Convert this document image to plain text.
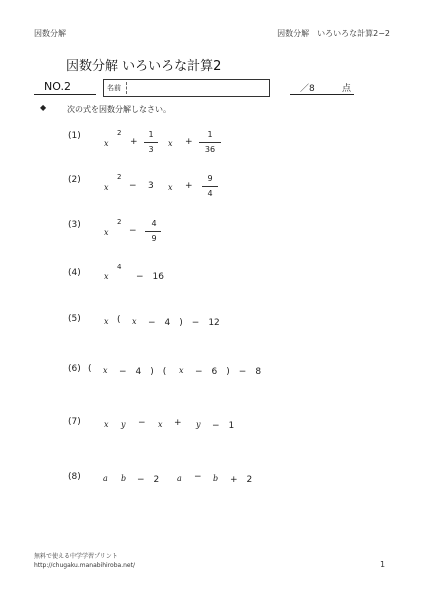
因数分解	因数分解　いろいろな計算2−2
因数分解 いろいろな計算2
NO.2	名前	／8	点
◆	次の式を因数分解しなさい。
(1)
x
2
+
1
3
x +
1
36
(2)
x
2
− 3 x +
9
4
(3)
x
2
−
4
9
(4)	x
4
−　16
(5)	x ( x −　4　)　−　12
(6) ( x −　4　)　( x −　6　)　−　8
(7)	x y − x + y −　1
(8)	a b −　2 a − b +　2
無料で使える中学学習プリント
http://chugaku.manabihiroba.net/	1
